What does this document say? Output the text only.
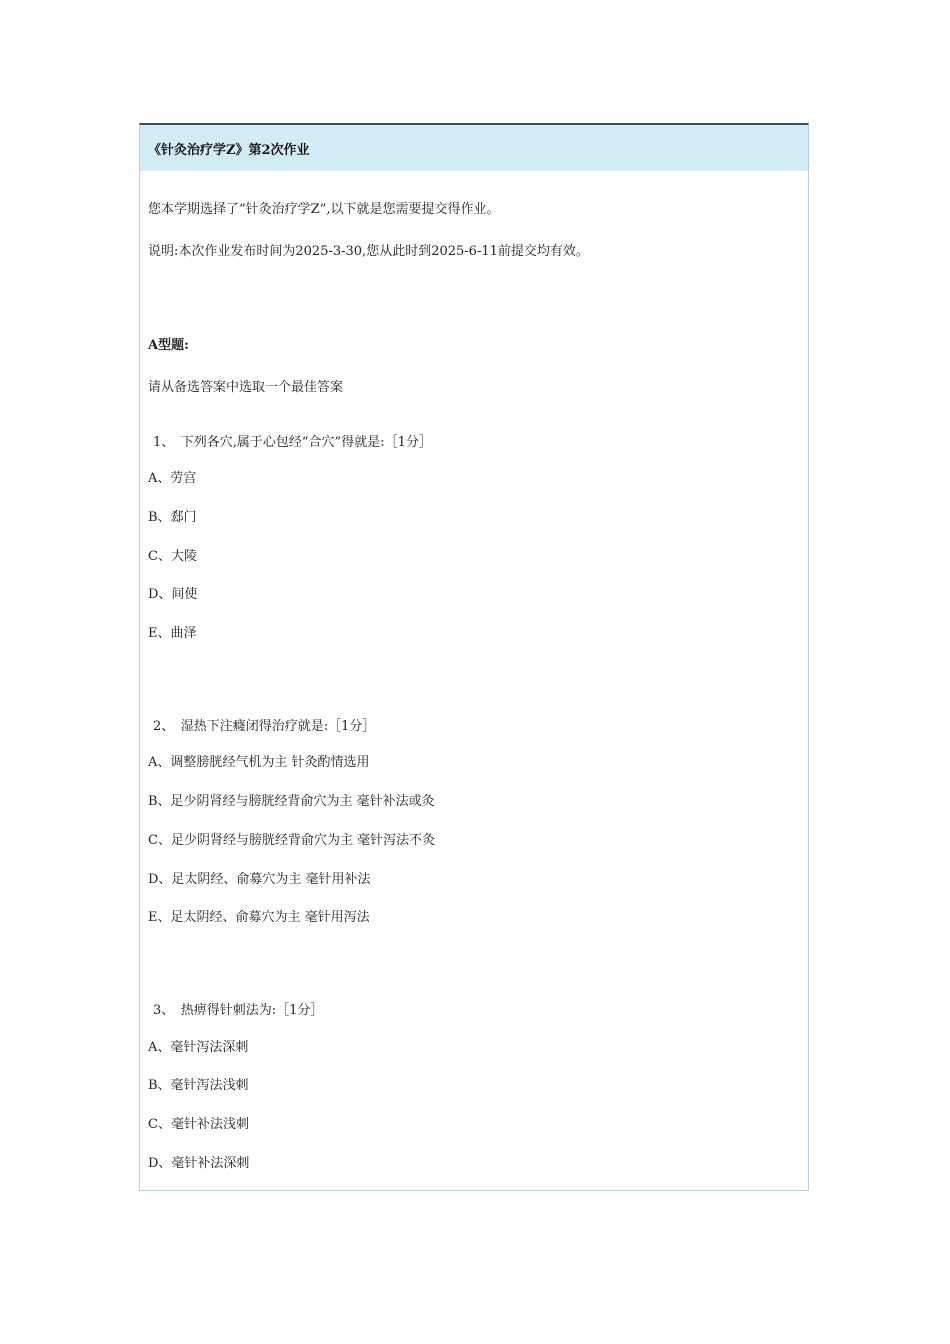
《针灸治疗学Z》第2次作业
您本学期选择了“针灸治疗学Z”,以下就是您需要提交得作业。
说明:本次作业发布时间为2025-3-30,您从此时到2025-6-11前提交均有效。
A型题:
请从备选答案中选取一个最佳答案
1、　下列各穴,属于心包经“合穴”得就是:［1分］
A、劳宫
B、郄门
C、大陵
D、间使
E、曲泽
2、　湿热下注癃闭得治疗就是:［1分］
A、调整膀胱经气机为主 针灸酌情选用
B、足少阴肾经与膀胱经背俞穴为主 毫针补法或灸
C、足少阴肾经与膀胱经背俞穴为主 毫针泻法不灸
D、足太阴经、俞募穴为主 毫针用补法
E、足太阴经、俞募穴为主 毫针用泻法
3、　热痹得针刺法为:［1分］
A、毫针泻法深刺
B、毫针泻法浅刺
C、毫针补法浅刺
D、毫针补法深刺
